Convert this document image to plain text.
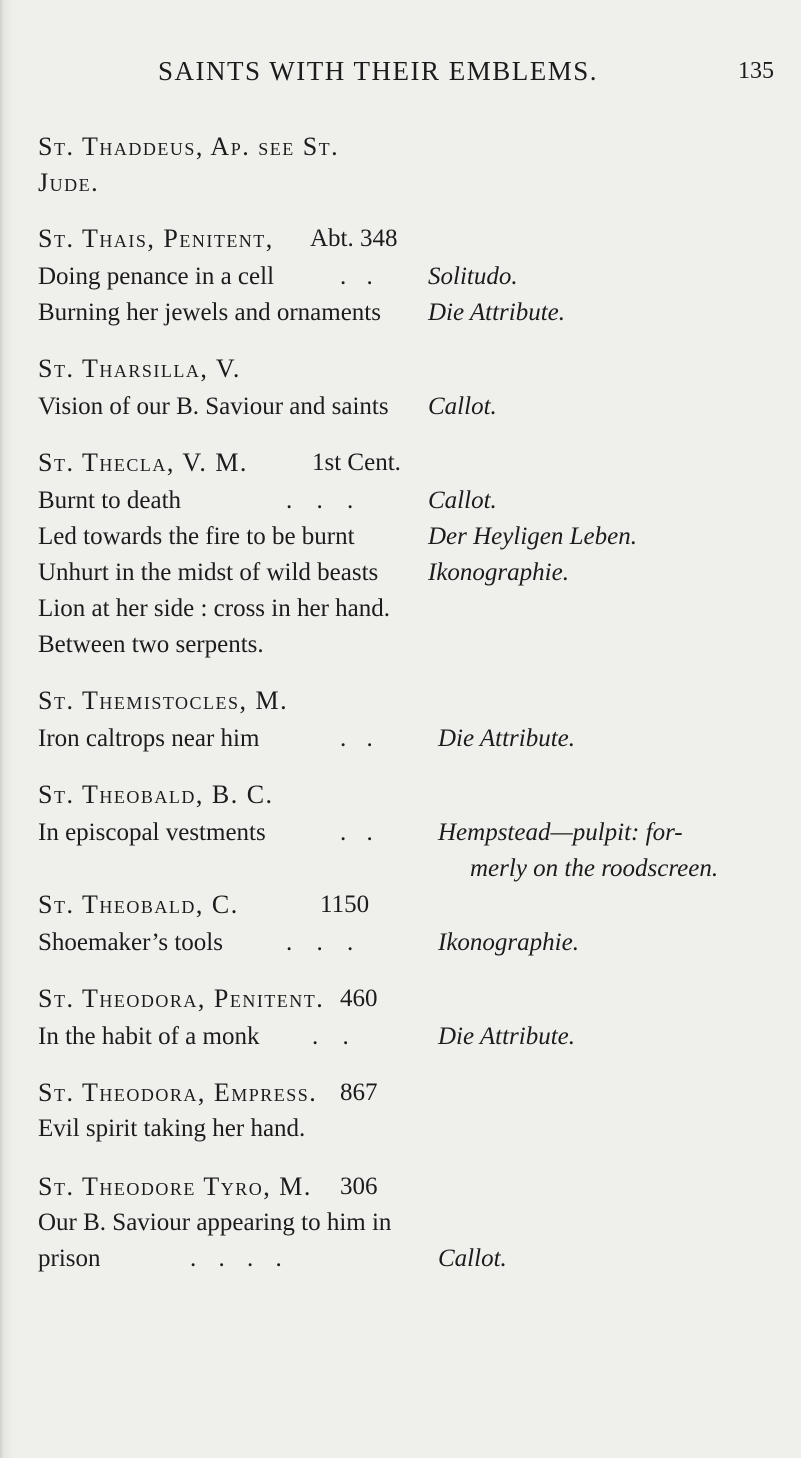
SAINTS WITH THEIR EMBLEMS.	135
St. Thaddeus, Ap. see St.
Jude.
St. Thais, Penitent, Abt. 348
Doing penance in a cell	. . Solitudo.
Burning her jewels and ornaments Die Attribute.
St. Tharsilla, V.
Vision of our B. Saviour and saints Callot.
St. Thecla, V. M.	1st Cent.
Burnt to death	. . .	Callot.
Led towards the fire to be burnt	Der Heyligen Leben.
Unhurt in the midst of wild beasts Ikonographie.
Lion at her side : cross in her hand.
Between two serpents.
St. Themistocles, M.
Iron caltrops near him	. .	Die Attribute.
St. Theobald, B. C.
In episcopal vestments	. .	Hempstead—pulpit: for-
merly on the roodscreen.
St. Theobald, C.	1150
Shoemaker’s tools	. . .	Ikonographie.
St. Theodora, Penitent. 460
In the habit of a monk . .	Die Attribute.
St. Theodora, Empress. 867
Evil spirit taking her hand.
St. Theodore Tyro, M. 306
Our B. Saviour appearing to him in
prison	. . . .	Callot.
